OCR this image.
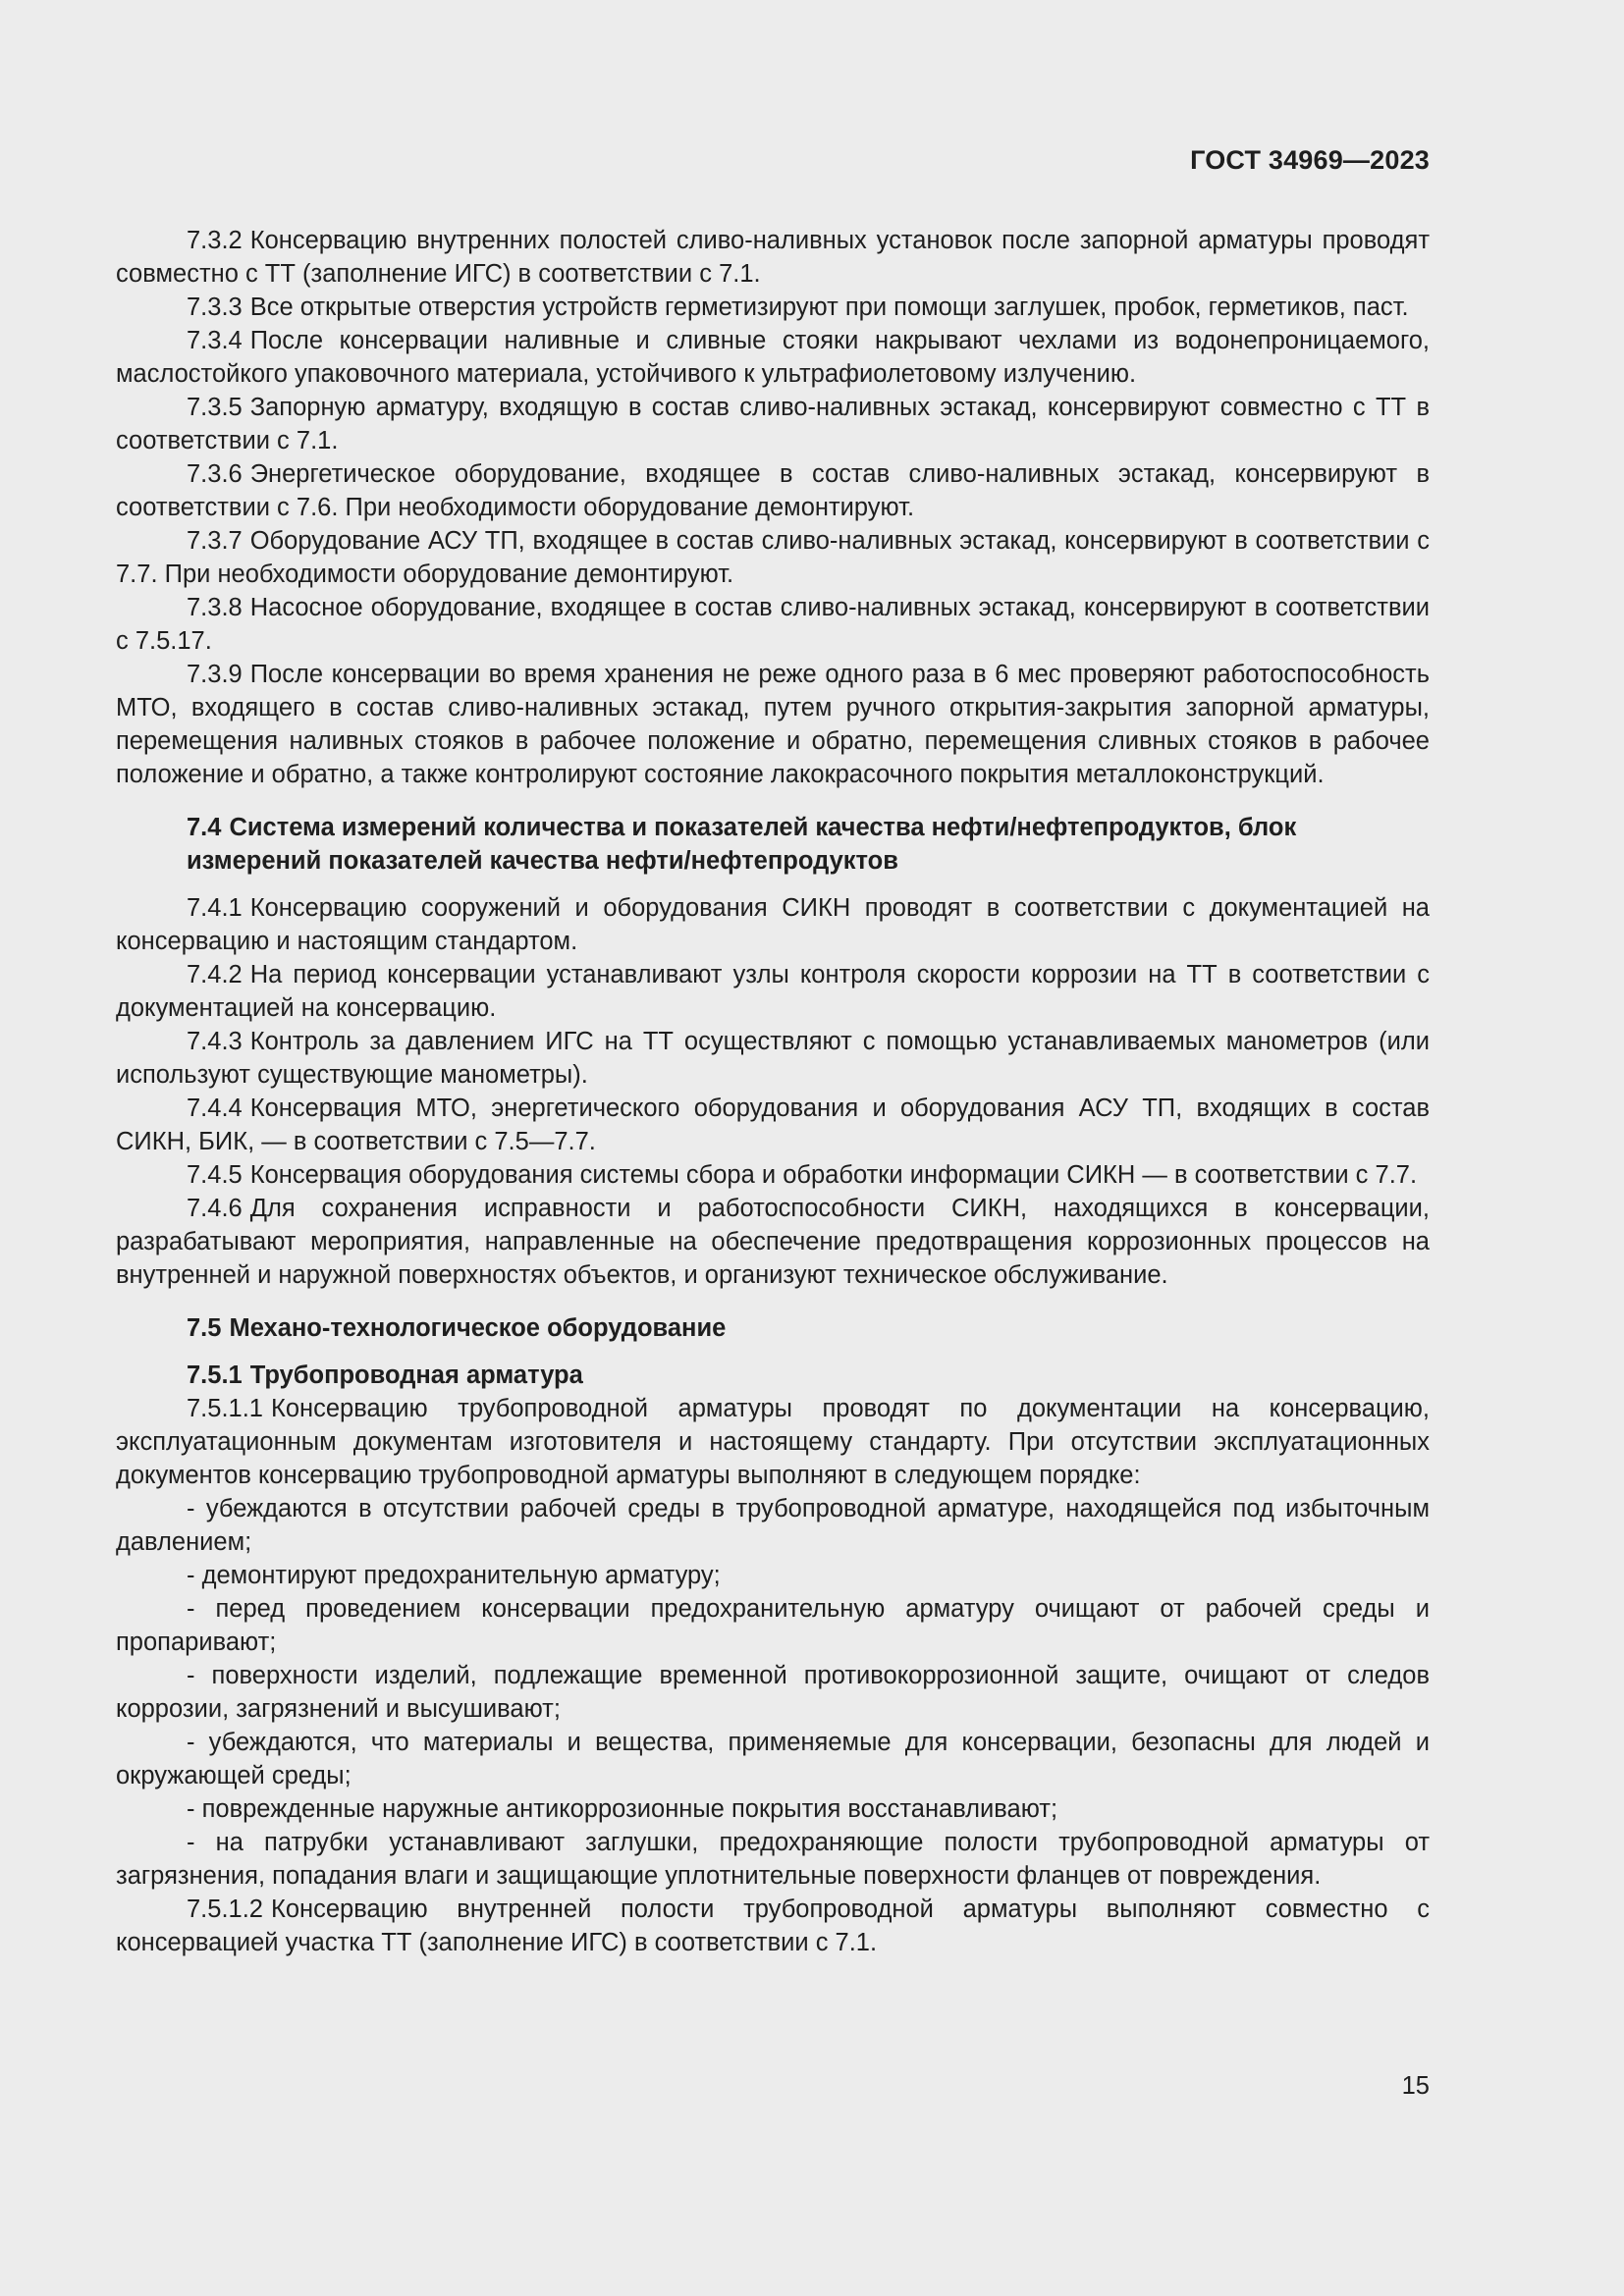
ГОСТ 34969—2023

7.3.2 Консервацию внутренних полостей сливо-наливных установок после запорной арматуры проводят совместно с ТТ (заполнение ИГС) в соответствии с 7.1.

7.3.3 Все открытые отверстия устройств герметизируют при помощи заглушек, пробок, герметиков, паст.

7.3.4 После консервации наливные и сливные стояки накрывают чехлами из водонепроницаемого, маслостойкого упаковочного материала, устойчивого к ультрафиолетовому излучению.

7.3.5 Запорную арматуру, входящую в состав сливо-наливных эстакад, консервируют совместно с ТТ в соответствии с 7.1.

7.3.6 Энергетическое оборудование, входящее в состав сливо-наливных эстакад, консервируют в соответствии с 7.6. При необходимости оборудование демонтируют.

7.3.7 Оборудование АСУ ТП, входящее в состав сливо-наливных эстакад, консервируют в соответствии с 7.7. При необходимости оборудование демонтируют.

7.3.8 Насосное оборудование, входящее в состав сливо-наливных эстакад, консервируют в соответствии с 7.5.17.

7.3.9 После консервации во время хранения не реже одного раза в 6 мес проверяют работоспособность МТО, входящего в состав сливо-наливных эстакад, путем ручного открытия-закрытия запорной арматуры, перемещения наливных стояков в рабочее положение и обратно, перемещения сливных стояков в рабочее положение и обратно, а также контролируют состояние лакокрасочного покрытия металлоконструкций.

7.4 Система измерений количества и показателей качества нефти/нефтепродуктов, блок измерений показателей качества нефти/нефтепродуктов

7.4.1 Консервацию сооружений и оборудования СИКН проводят в соответствии с документацией на консервацию и настоящим стандартом.

7.4.2 На период консервации устанавливают узлы контроля скорости коррозии на ТТ в соответствии с документацией на консервацию.

7.4.3 Контроль за давлением ИГС на ТТ осуществляют с помощью устанавливаемых манометров (или используют существующие манометры).

7.4.4 Консервация МТО, энергетического оборудования и оборудования АСУ ТП, входящих в состав СИКН, БИК, — в соответствии с 7.5—7.7.

7.4.5 Консервация оборудования системы сбора и обработки информации СИКН — в соответствии с 7.7.

7.4.6 Для сохранения исправности и работоспособности СИКН, находящихся в консервации, разрабатывают мероприятия, направленные на обеспечение предотвращения коррозионных процессов на внутренней и наружной поверхностях объектов, и организуют техническое обслуживание.

7.5 Механо-технологическое оборудование

7.5.1 Трубопроводная арматура

7.5.1.1 Консервацию трубопроводной арматуры проводят по документации на консервацию, эксплуатационным документам изготовителя и настоящему стандарту. При отсутствии эксплуатационных документов консервацию трубопроводной арматуры выполняют в следующем порядке:

- убеждаются в отсутствии рабочей среды в трубопроводной арматуре, находящейся под избыточным давлением;

- демонтируют предохранительную арматуру;

- перед проведением консервации предохранительную арматуру очищают от рабочей среды и пропаривают;

- поверхности изделий, подлежащие временной противокоррозионной защите, очищают от следов коррозии, загрязнений и высушивают;

- убеждаются, что материалы и вещества, применяемые для консервации, безопасны для людей и окружающей среды;

- поврежденные наружные антикоррозионные покрытия восстанавливают;

- на патрубки устанавливают заглушки, предохраняющие полости трубопроводной арматуры от загрязнения, попадания влаги и защищающие уплотнительные поверхности фланцев от повреждения.

7.5.1.2 Консервацию внутренней полости трубопроводной арматуры выполняют совместно с консервацией участка ТТ (заполнение ИГС) в соответствии с 7.1.

15
